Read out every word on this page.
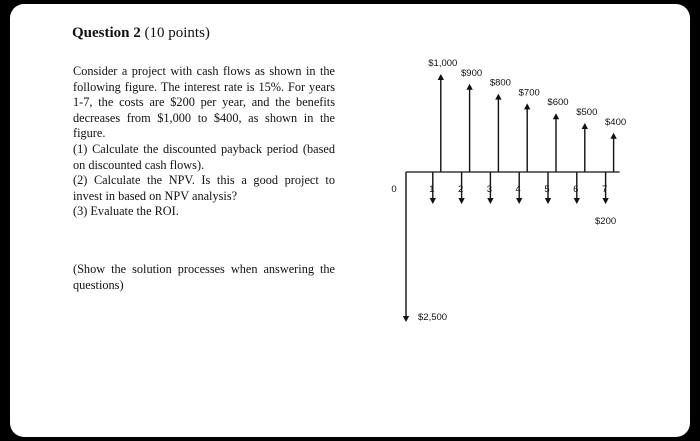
Question 2 (10 points)

Consider a project with cash flows as shown in the following figure. The interest rate is 15%. For years 1-7, the costs are $200 per year, and the benefits decreases from $1,000 to $400, as shown in the figure.

(1) Calculate the discounted payback period (based on discounted cash flows).

(2) Calculate the NPV. Is this a good project to invest in based on NPV analysis?

(3) Evaluate the ROI.

(Show the solution processes when answering the questions)
$2,500
0	1 2 3 4 5 6 7
$1,000
$900
$800
$700
$600
$500
$400
$200
